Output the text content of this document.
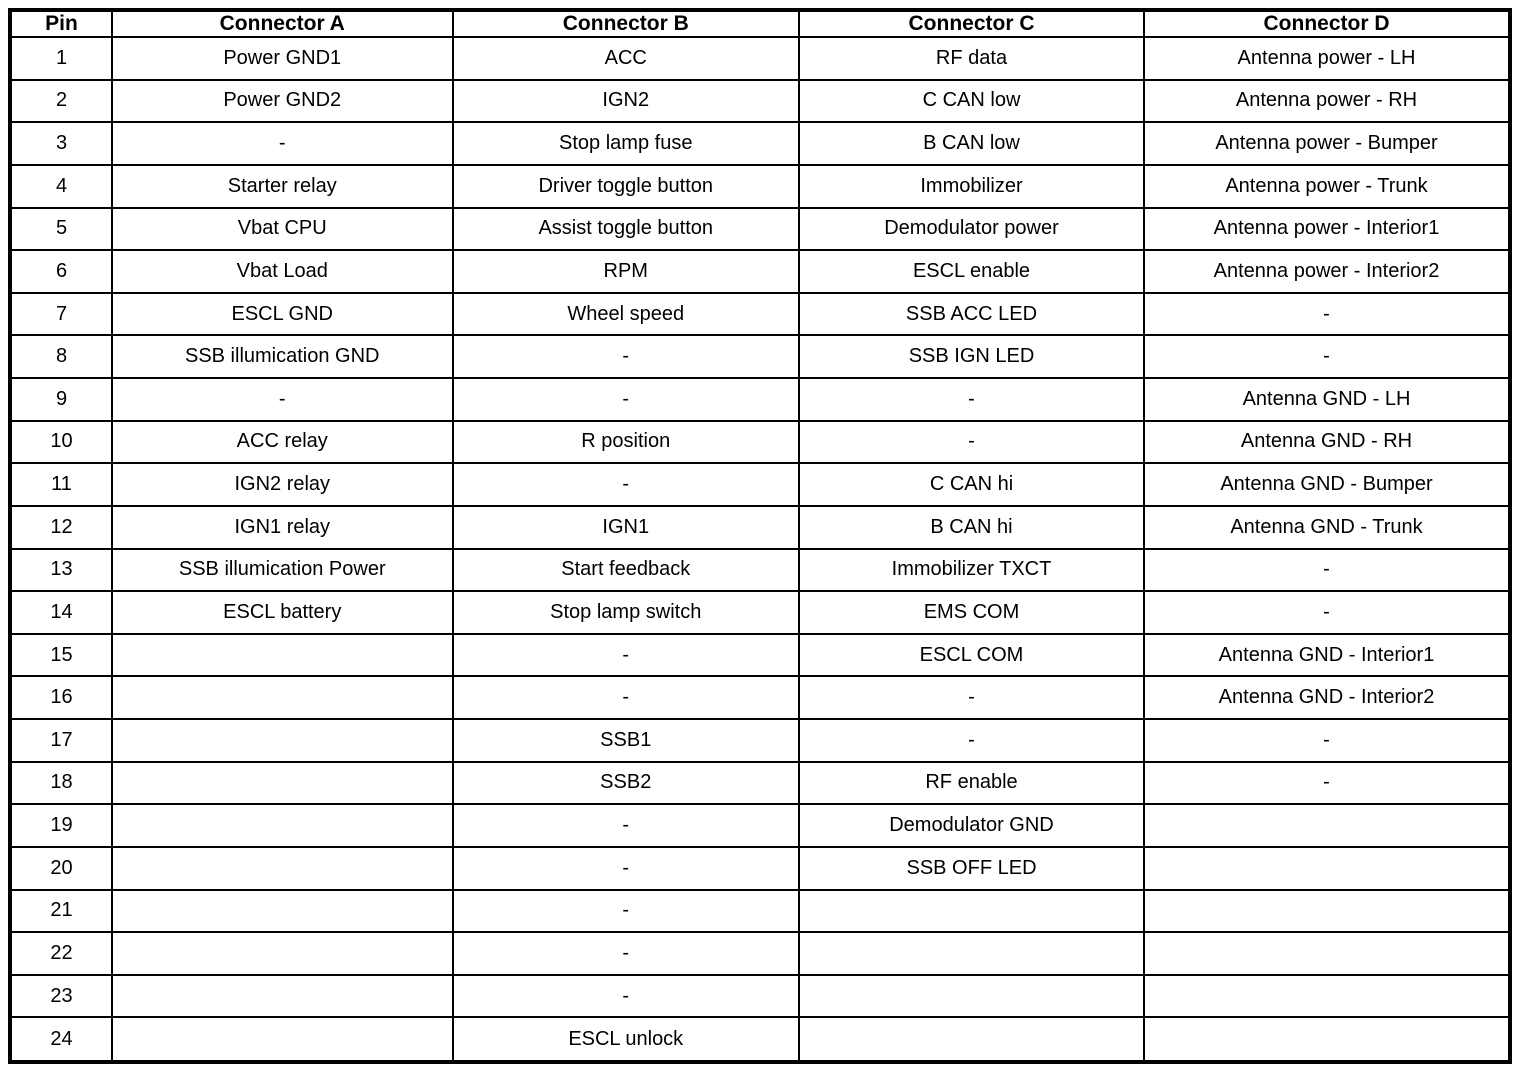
Pin	Connector A	Connector B	Connector C	Connector D
1	Power GND1	ACC	RF data	Antenna power - LH
2	Power GND2	IGN2	C CAN low	Antenna power - RH
3	-	Stop lamp fuse	B CAN low	Antenna power - Bumper
4	Starter relay	Driver toggle button	Immobilizer	Antenna power - Trunk
5	Vbat CPU	Assist toggle button	Demodulator power	Antenna power - Interior1
6	Vbat Load	RPM	ESCL enable	Antenna power - Interior2
7	ESCL GND	Wheel speed	SSB ACC LED	-
8	SSB illumication GND	-	SSB IGN LED	-
9	-	-	-	Antenna GND - LH
10	ACC relay	R position	-	Antenna GND - RH
11	IGN2 relay	-	C CAN hi	Antenna GND - Bumper
12	IGN1 relay	IGN1	B CAN hi	Antenna GND - Trunk
13	SSB illumication Power	Start feedback	Immobilizer TXCT	-
14	ESCL battery	Stop lamp switch	EMS COM	-
15		-	ESCL COM	Antenna GND - Interior1
16		-	-	Antenna GND - Interior2
17		SSB1	-	-
18		SSB2	RF enable	-
19		-	Demodulator GND	
20		-	SSB OFF LED	
21		-		
22		-		
23		-		
24		ESCL unlock		
